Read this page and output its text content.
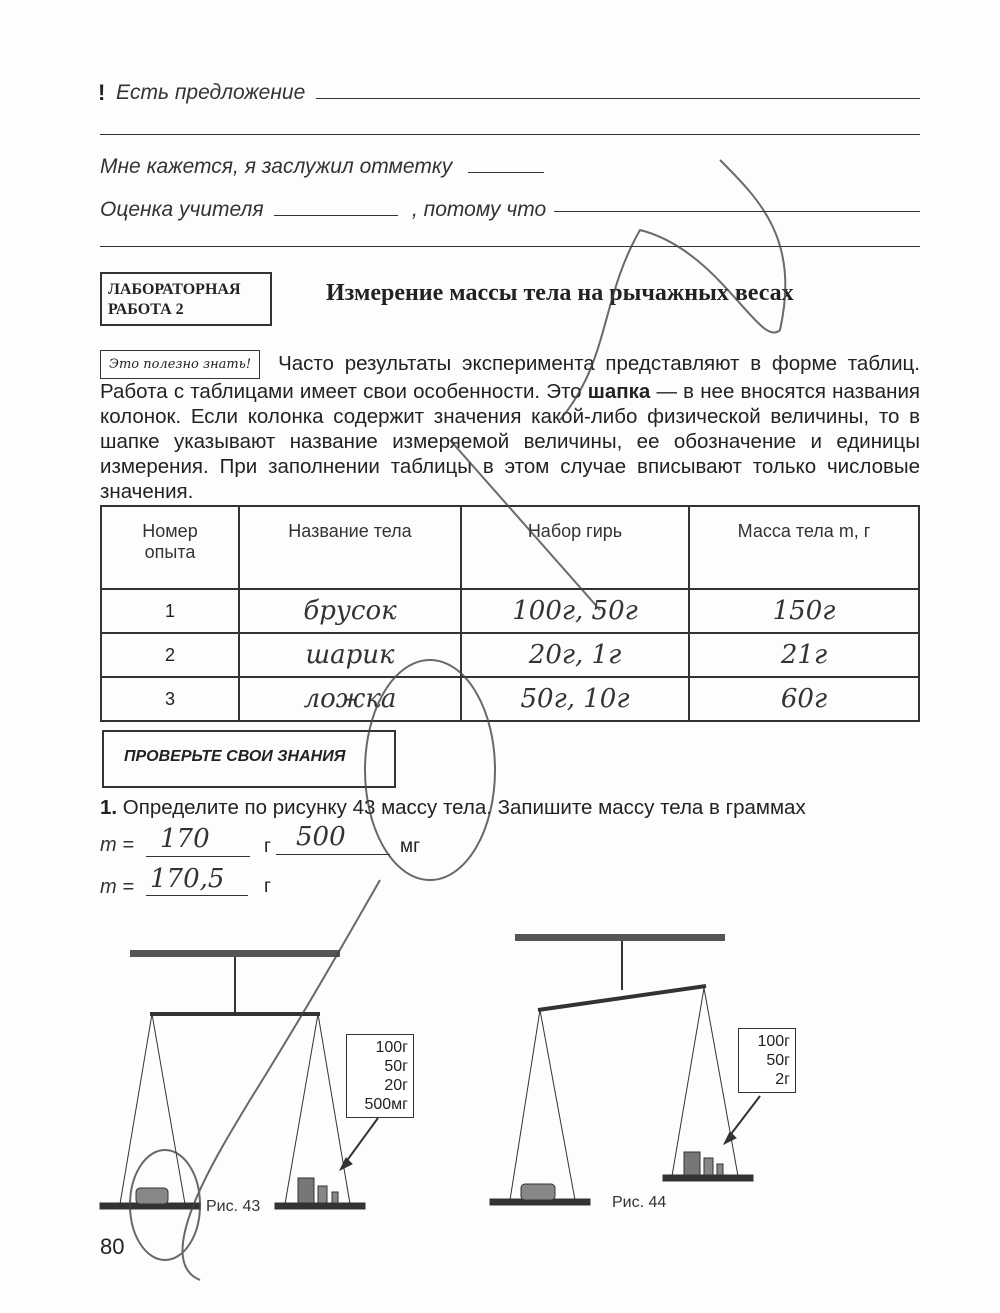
! Есть предложение
Мне кажется, я заслужил отметку
Оценка учителя	, потому что
ЛАБОРАТОРНАЯ
РАБОТА 2
Измерение массы тела на рычажных весах
Это полезно знать! Часто результаты эксперимента представляют в форме таблиц. Работа с таблицами имеет свои особенности. Это шапка — в нее вносятся названия колонок. Если колонка содержит значения какой-либо физической величины, то в шапке указывают название измеряемой величины, ее обозначение и единицы измерения. При заполнении таблицы в этом случае вписывают только числовые значения.
Номер опыта	Название тела	Набор гирь	Масса тела m, г
1	брусок	100г, 50г	150г
2	шарик	20г, 1г	21г
3	ложка	50г, 10г	60г
ПРОВЕРЬТЕ СВОИ ЗНАНИЯ
1. Определите по рисунку 43 массу тела. Запишите массу тела в граммах
m = 170	г 500	мг
m = 170,5 г
100г
50г
20г
500мг
100г
50г
2г
Рис. 43	Рис. 44
80
